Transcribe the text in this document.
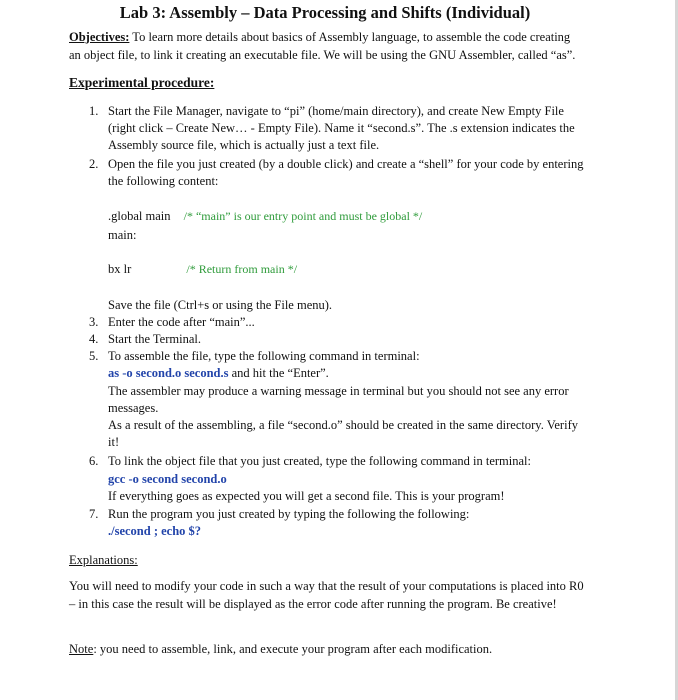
Lab 3: Assembly – Data Processing and Shifts (Individual)
Objectives: To learn more details about basics of Assembly language, to assemble the code creating an object file, to link it creating an executable file. We will be using the GNU Assembler, called “as”.
Experimental procedure:
1. Start the File Manager, navigate to “pi” (home/main directory), and create New Empty File (right click – Create New… - Empty File). Name it “second.s”. The .s extension indicates the Assembly source file, which is actually just a text file.
2. Open the file you just created (by a double click) and create a “shell” for your code by entering the following content:
.global main /* “main” is our entry point and must be global */
main:
bx lr	/* Return from main */
Save the file (Ctrl+s or using the File menu).
3. Enter the code after “main”...
4. Start the Terminal.
5. To assemble the file, type the following command in terminal:
as -o second.o second.s and hit the “Enter”.
The assembler may produce a warning message in terminal but you should not see any error messages.
As a result of the assembling, a file “second.o” should be created in the same directory. Verify it!
6. To link the object file that you just created, type the following command in terminal:
gcc -o second second.o
If everything goes as expected you will get a second file. This is your program!
7. Run the program you just created by typing the following the following:
./second ; echo $?
Explanations:
You will need to modify your code in such a way that the result of your computations is placed into R0 – in this case the result will be displayed as the error code after running the program. Be creative!
Note: you need to assemble, link, and execute your program after each modification.
